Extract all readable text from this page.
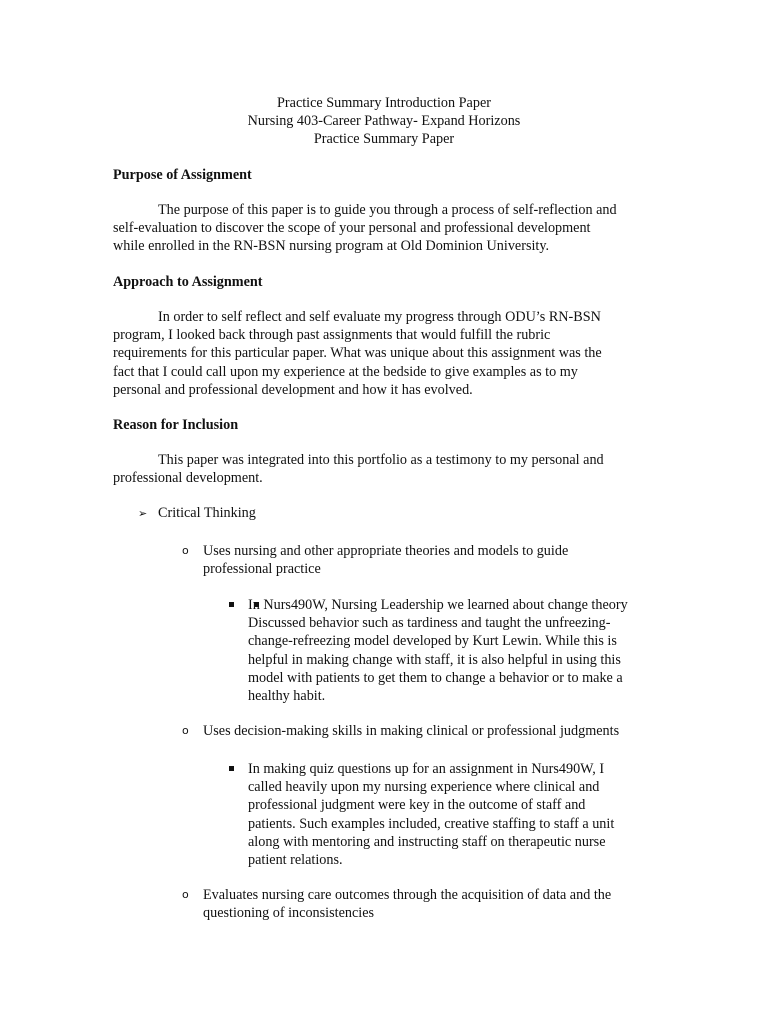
Practice Summary Introduction Paper
Nursing 403-Career Pathway- Expand Horizons
Practice Summary Paper
Purpose of Assignment
The purpose of this paper is to guide you through a process of self-reflection and
self-evaluation to discover the scope of your personal and professional development
while enrolled in the RN-BSN nursing program at Old Dominion University.
Approach to Assignment
In order to self reflect and self evaluate my progress through ODU’s RN-BSN
program, I looked back through past assignments that would fulfill the rubric
requirements for this particular paper. What was unique about this assignment was the
fact that I could call upon my experience at the bedside to give examples as to my
personal and professional development and how it has evolved.
Reason for Inclusion
This paper was integrated into this portfolio as a testimony to my personal and
professional development.
➢ Critical Thinking
o Uses nursing and other appropriate theories and models to guide
professional practice
In Nurs490W, Nursing Leadership we learned about change theory
Discussed behavior such as tardiness and taught the unfreezing-
change-refreezing model developed by Kurt Lewin. While this is
helpful in making change with staff, it is also helpful in using this
model with patients to get them to change a behavior or to make a
healthy habit.
o Uses decision-making skills in making clinical or professional judgments
In making quiz questions up for an assignment in Nurs490W, I
called heavily upon my nursing experience where clinical and
professional judgment were key in the outcome of staff and
patients. Such examples included, creative staffing to staff a unit
along with mentoring and instructing staff on therapeutic nurse
patient relations.
o Evaluates nursing care outcomes through the acquisition of data and the
questioning of inconsistencies
